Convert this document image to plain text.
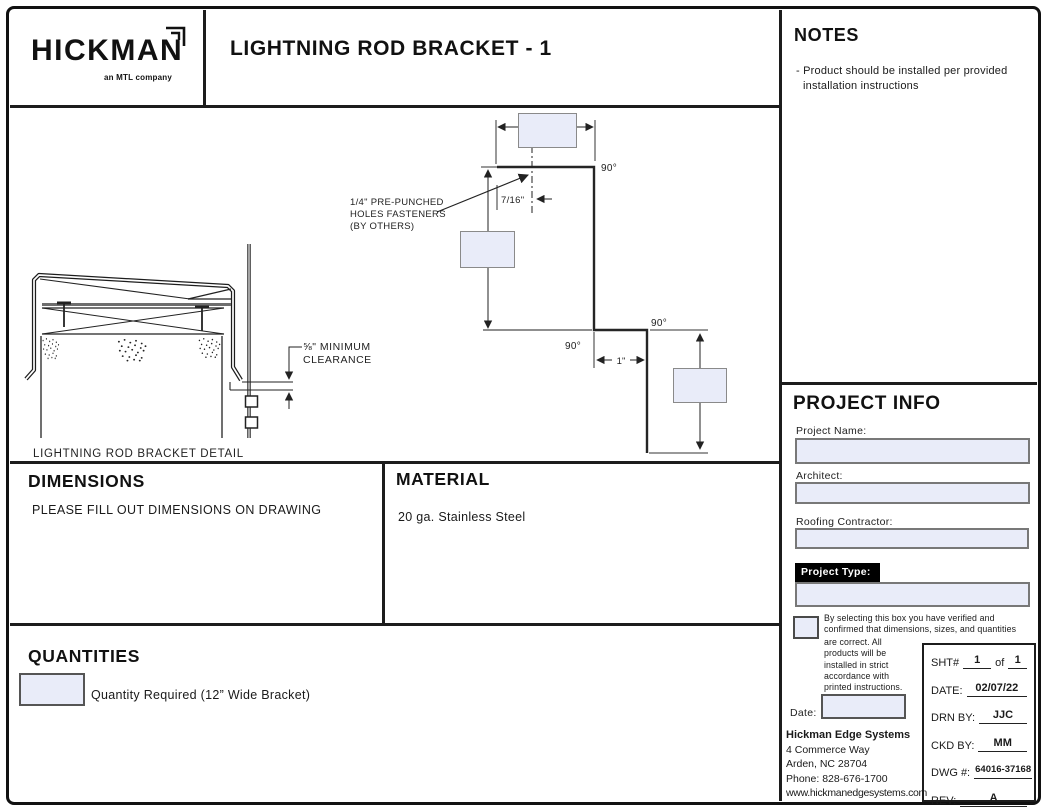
HICKMAN
an MTL company
LIGHTNING ROD BRACKET - 1
NOTES
- Product should be installed per provided installation instructions
⅝" MINIMUM
CLEARANCE
7/16"
1/4" PRE-PUNCHED
HOLES FASTENERS
(BY OTHERS)
90°
90°
90°
1"
LIGHTNING ROD BRACKET DETAIL
DIMENSIONS
PLEASE FILL OUT DIMENSIONS ON DRAWING
MATERIAL
20 ga. Stainless Steel
QUANTITIES
Quantity Required (12” Wide Bracket)
PROJECT INFO
Project Name:
Architect:
Roofing Contractor:
Project Type:
By selecting this box you have verified and confirmed that dimensions, sizes, and quantities
are correct. All products will be installed in strict accordance with printed instructions.
Date:
Hickman Edge Systems
4 Commerce Way
Arden, NC 28704
Phone: 828-676-1700
www.hickmanedgesystems.com
SHT#	1	of 1
DATE:	02/07/22
DRN BY:	JJC
CKD BY:	MM
DWG #: 64016-37168
REV:	A
